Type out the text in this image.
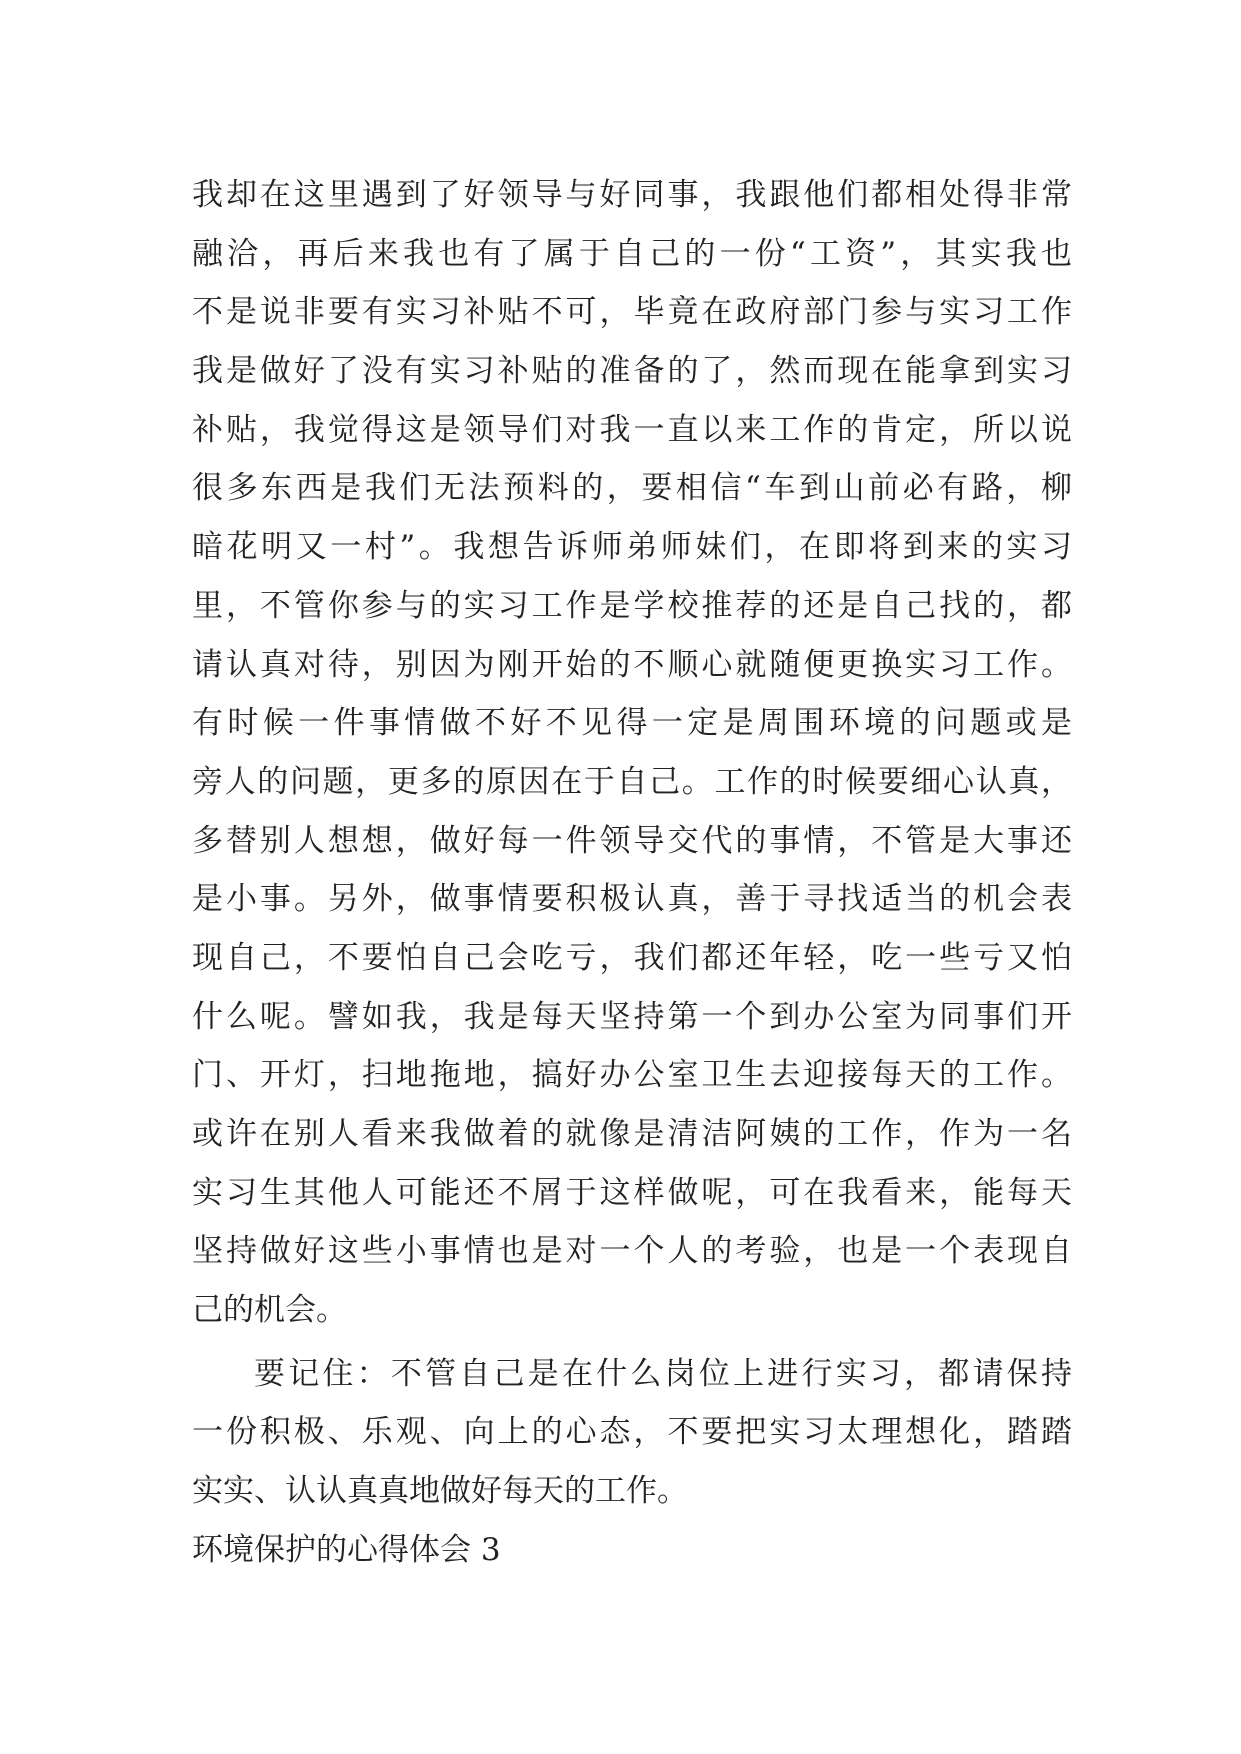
我却在这里遇到了好领导与好同事，我跟他们都相处得非常
融洽，再后来我也有了属于自己的一份“工资”，其实我也
不是说非要有实习补贴不可，毕竟在政府部门参与实习工作
我是做好了没有实习补贴的准备的了，然而现在能拿到实习
补贴，我觉得这是领导们对我一直以来工作的肯定，所以说
很多东西是我们无法预料的，要相信“车到山前必有路，柳
暗花明又一村”。我想告诉师弟师妹们，在即将到来的实习
里，不管你参与的实习工作是学校推荐的还是自己找的，都
请认真对待，别因为刚开始的不顺心就随便更换实习工作。
有时候一件事情做不好不见得一定是周围环境的问题或是
旁人的问题，更多的原因在于自己。工作的时候要细心认真，
多替别人想想，做好每一件领导交代的事情，不管是大事还
是小事。另外，做事情要积极认真，善于寻找适当的机会表
现自己，不要怕自己会吃亏，我们都还年轻，吃一些亏又怕
什么呢。譬如我，我是每天坚持第一个到办公室为同事们开
门、开灯，扫地拖地，搞好办公室卫生去迎接每天的工作。
或许在别人看来我做着的就像是清洁阿姨的工作，作为一名
实习生其他人可能还不屑于这样做呢，可在我看来，能每天
坚持做好这些小事情也是对一个人的考验，也是一个表现自
己的机会。
要记住：不管自己是在什么岗位上进行实习，都请保持
一份积极、乐观、向上的心态，不要把实习太理想化，踏踏
实实、认认真真地做好每天的工作。
环境保护的心得体会 3
